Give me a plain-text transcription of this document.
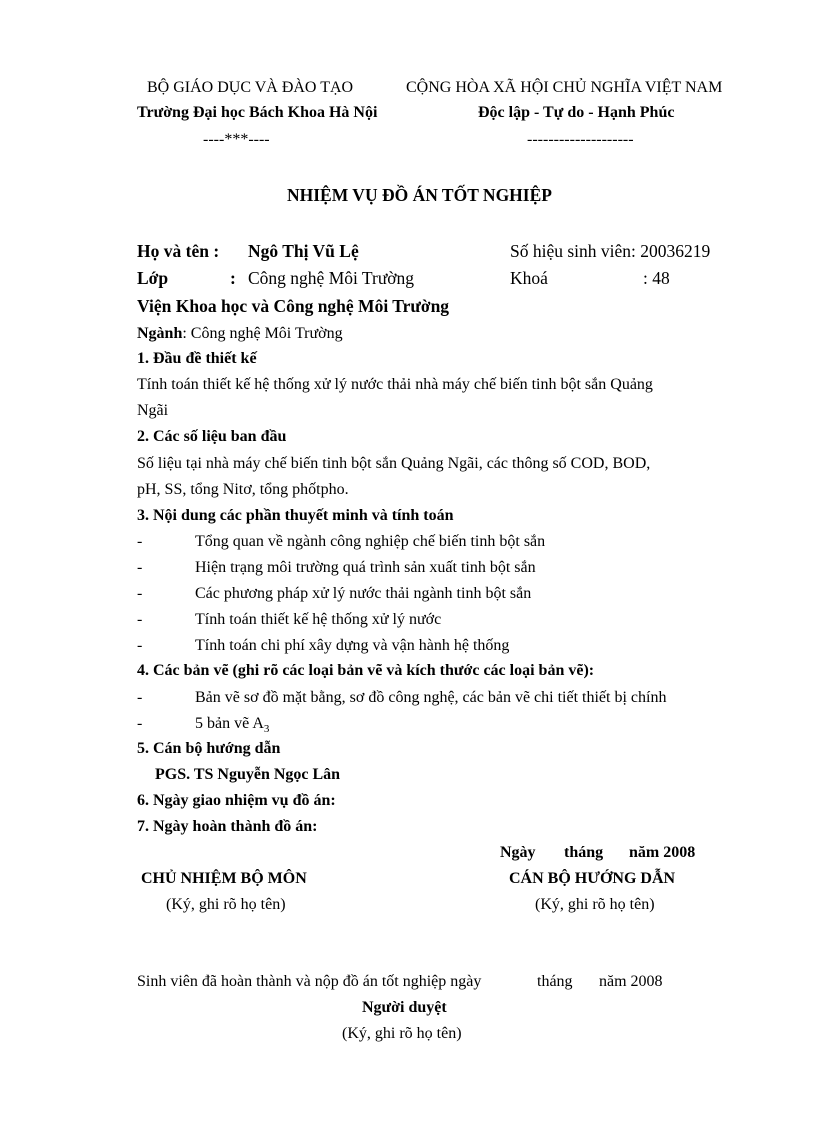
BỘ GIÁO DỤC VÀ ĐÀO TẠO
Trường Đại học Bách Khoa Hà Nội
----***----
CỘNG HÒA XÃ HỘI CHỦ NGHĨA VIỆT NAM
Độc lập - Tự do - Hạnh Phúc
--------------------
NHIỆM VỤ ĐỒ ÁN TỐT NGHIỆP
Họ và tên : Ngô Thị Vũ Lệ	Số hiệu sinh viên: 20036219
Lớp	: Công nghệ Môi Trường	Khoá	: 48
Viện Khoa học và Công nghệ Môi Trường
Ngành: Công nghệ Môi Trường
1. Đầu đề thiết kế
Tính toán thiết kế hệ thống xử lý nước thải nhà máy chế biến tinh bột sắn Quảng
Ngãi
2. Các số liệu ban đầu
Số liệu tại nhà máy chế biến tinh bột sắn Quảng Ngãi, các thông số COD, BOD,
pH, SS, tổng Nitơ, tổng phốtpho.
3. Nội dung các phần thuyết minh và tính toán
-	Tổng quan về ngành công nghiệp chế biến tinh bột sắn
-	Hiện trạng môi trường quá trình sản xuất tinh bột sắn
-	Các phương pháp xử lý nước thải ngành tinh bột sắn
-	Tính toán thiết kế hệ thống xử lý nước
-	Tính toán chi phí xây dựng và vận hành hệ thống
4. Các bản vẽ (ghi rõ các loại bản vẽ và kích thước các loại bản vẽ):
-	Bản vẽ sơ đồ mặt bằng, sơ đồ công nghệ, các bản vẽ chi tiết thiết bị chính
-	5 bản vẽ $A_3$
5. Cán bộ hướng dẫn
PGS. TS Nguyễn Ngọc Lân
6. Ngày giao nhiệm vụ đồ án:
7. Ngày hoàn thành đồ án:
Ngày tháng năm 2008
CHỦ NHIỆM BỘ MÔN
(Ký, ghi rõ họ tên)
CÁN BỘ HƯỚNG DẪN
(Ký, ghi rõ họ tên)
Sinh viên đã hoàn thành và nộp đồ án tốt nghiệp ngày	tháng năm 2008
Người duyệt
(Ký, ghi rõ họ tên)
